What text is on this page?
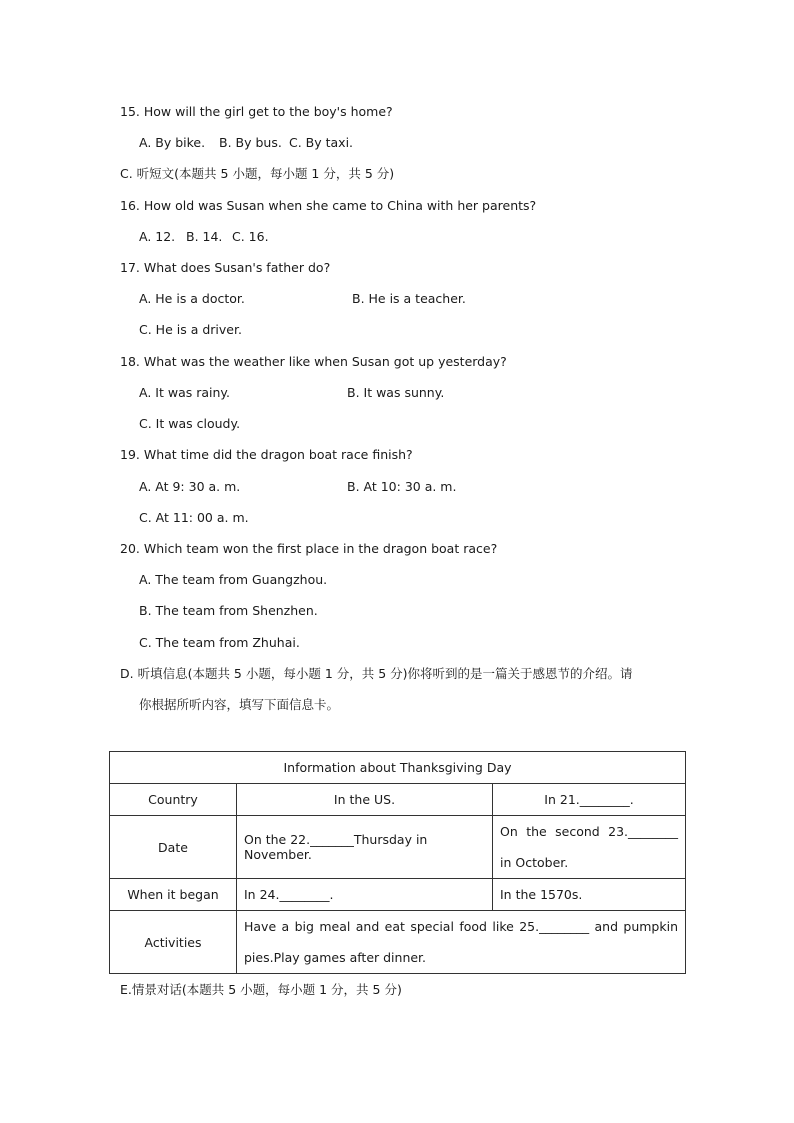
15. How will the girl get to the boy's home?
A. By bike. B. By bus. C. By taxi.
C. 听短文(本题共 5 小题，每小题 1 分，共 5 分)
16. How old was Susan when she came to China with her parents?
A. 12. B. 14. C. 16.
17. What does Susan's father do?
A. He is a doctor.	B. He is a teacher.
C. He is a driver.
18. What was the weather like when Susan got up yesterday?
A. It was rainy.	B. It was sunny.
C. It was cloudy.
19. What time did the dragon boat race finish?
A. At 9: 30 a. m.	B. At 10: 30 a. m.
C. At 11: 00 a. m.
20. Which team won the first place in the dragon boat race?
A. The team from Guangzhou.
B. The team from Shenzhen.
C. The team from Zhuhai.
D. 听填信息(本题共 5 小题，每小题 1 分，共 5 分)你将听到的是一篇关于感恩节的介绍。请
你根据所听内容，填写下面信息卡。
Information about Thanksgiving Day		
Country	In the US.	In 21.________.
Date	On the 22._______Thursday in November.	On the second 23.________ in October.
When it began	In 24.________.	In the 1570s.
Activities	Have a big meal and eat special food like 25.________ and pumpkin pies.Play games after dinner.	
E.情景对话(本题共 5 小题，每小题 1 分，共 5 分)
